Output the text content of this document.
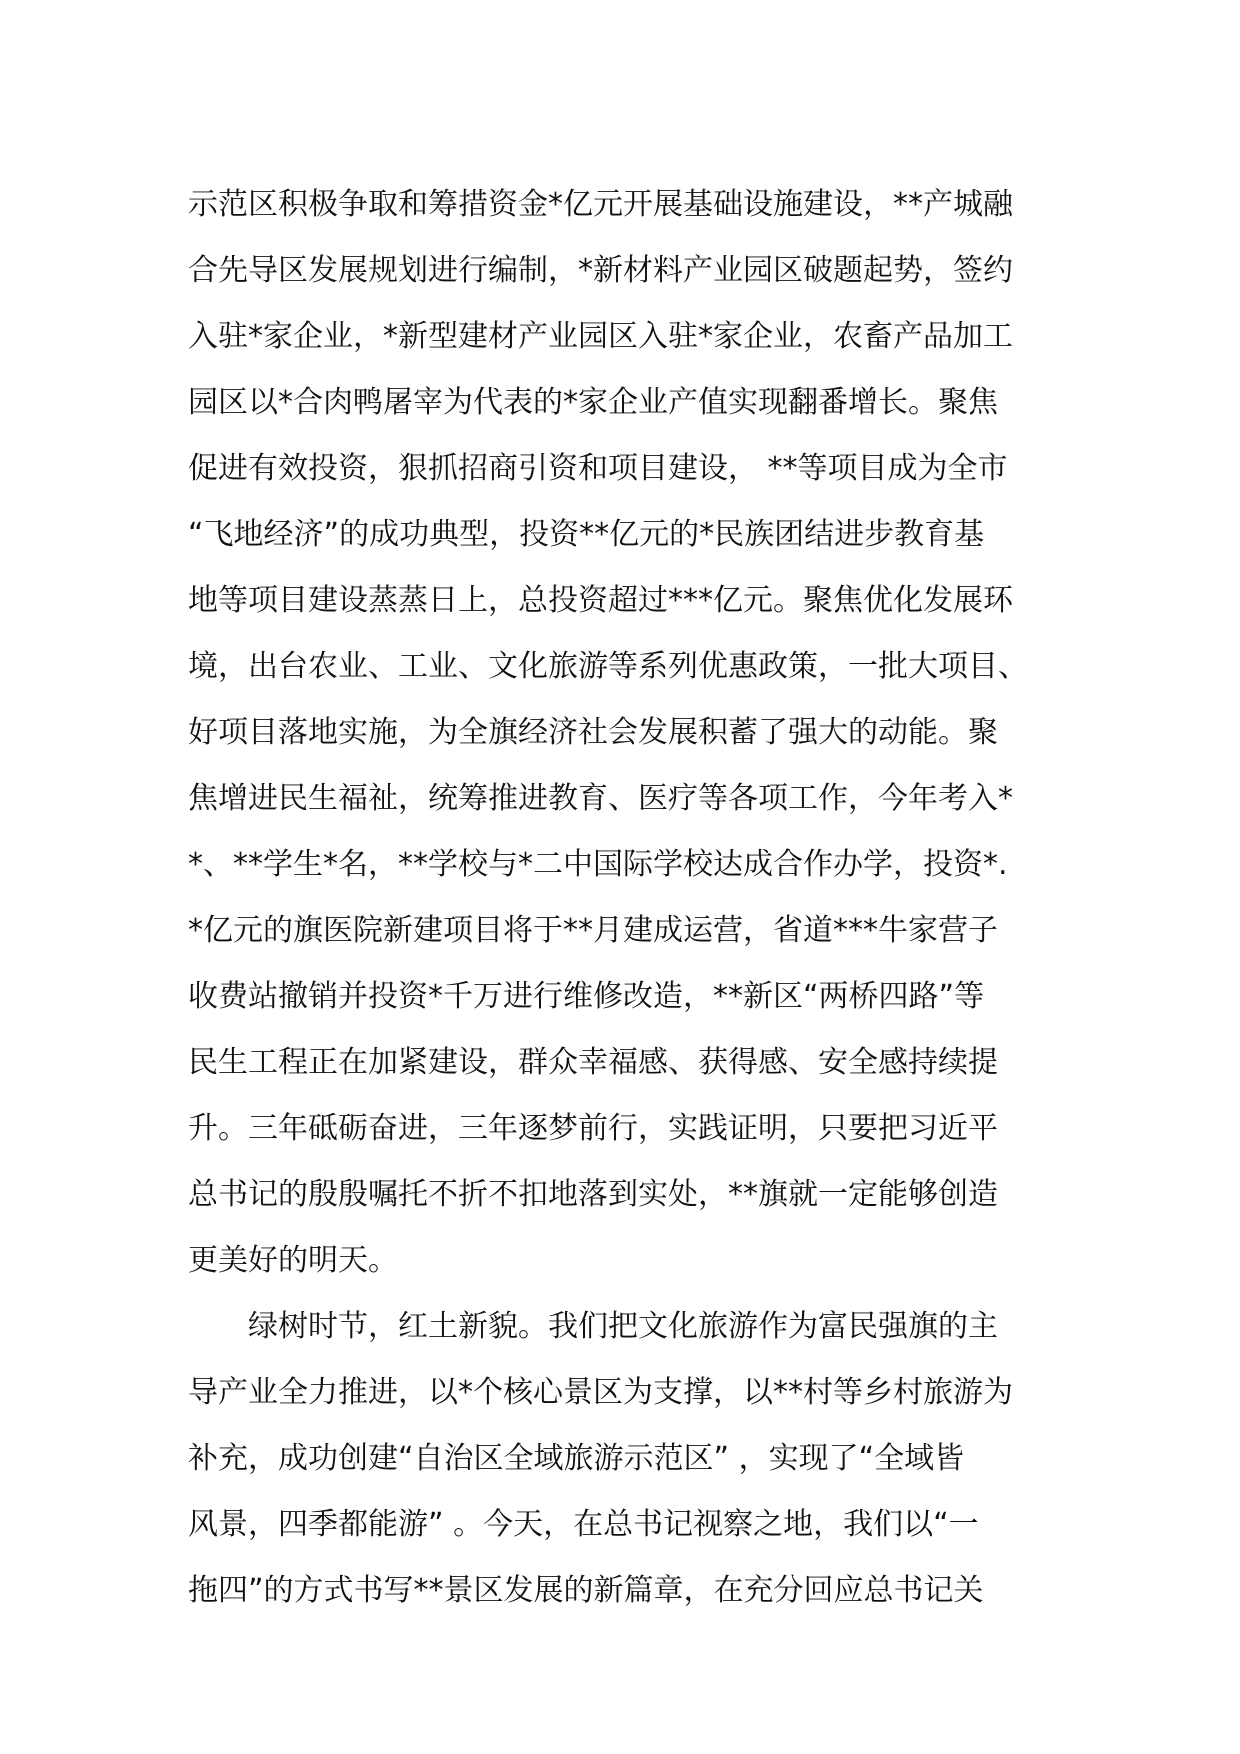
示范区积极争取和筹措资金*亿元开展基础设施建设，**产城融
合先导区发展规划进行编制，*新材料产业园区破题起势，签约
入驻*家企业，*新型建材产业园区入驻*家企业，农畜产品加工
园区以*合肉鸭屠宰为代表的*家企业产值实现翻番增长。聚焦
促进有效投资，狠抓招商引资和项目建设， **等项目成为全市
“飞地经济”的成功典型，投资**亿元的*民族团结进步教育基
地等项目建设蒸蒸日上，总投资超过***亿元。聚焦优化发展环
境，出台农业、工业、文化旅游等系列优惠政策，一批大项目、
好项目落地实施，为全旗经济社会发展积蓄了强大的动能。聚
焦增进民生福祉，统筹推进教育、医疗等各项工作，今年考入*
*、**学生*名，**学校与*二中国际学校达成合作办学，投资*.
*亿元的旗医院新建项目将于**月建成运营，省道***牛家营子
收费站撤销并投资*千万进行维修改造，**新区“两桥四路”等
民生工程正在加紧建设，群众幸福感、获得感、安全感持续提
升。三年砥砺奋进，三年逐梦前行，实践证明，只要把习近平
总书记的殷殷嘱托不折不扣地落到实处，**旗就一定能够创造
更美好的明天。
　　绿树时节，红土新貌。我们把文化旅游作为富民强旗的主
导产业全力推进，以*个核心景区为支撑，以**村等乡村旅游为
补充，成功创建“自治区全域旅游示范区” ，实现了“全域皆
风景，四季都能游” 。今天，在总书记视察之地，我们以“一
拖四”的方式书写**景区发展的新篇章，在充分回应总书记关
